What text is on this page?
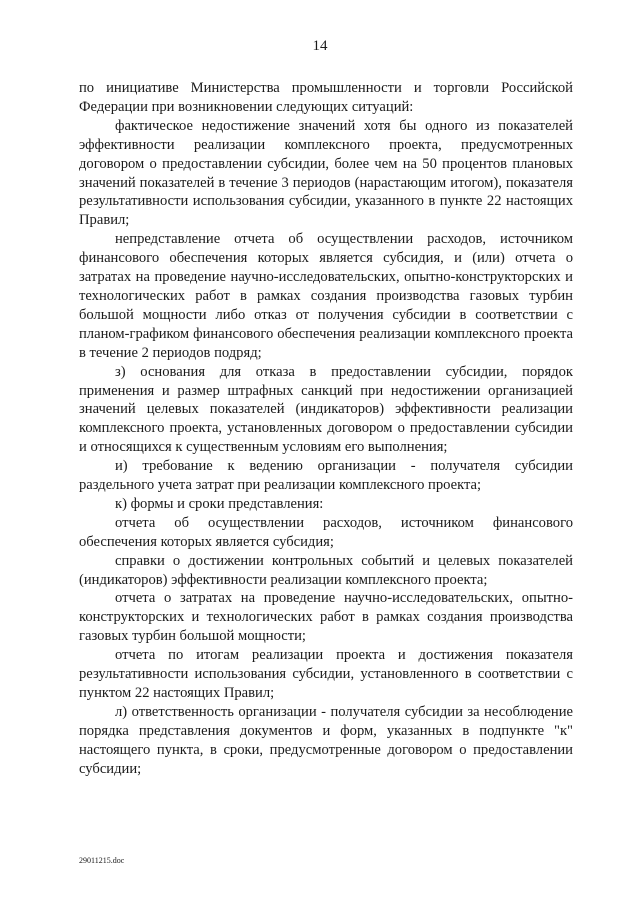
14

по инициативе Министерства промышленности и торговли Российской Федерации при возникновении следующих ситуаций:

фактическое недостижение значений хотя бы одного из показателей эффективности реализации комплексного проекта, предусмотренных договором о предоставлении субсидии, более чем на 50 процентов плановых значений показателей в течение 3 периодов (нарастающим итогом), показателя результативности использования субсидии, указанного в пункте 22 настоящих Правил;

непредставление отчета об осуществлении расходов, источником финансового обеспечения которых является субсидия, и (или) отчета о затратах на проведение научно-исследовательских, опытно-конструкторских и технологических работ в рамках создания производства газовых турбин большой мощности либо отказ от получения субсидии в соответствии с планом-графиком финансового обеспечения реализации комплексного проекта в течение 2 периодов подряд;

з) основания для отказа в предоставлении субсидии, порядок применения и размер штрафных санкций при недостижении организацией значений целевых показателей (индикаторов) эффективности реализации комплексного проекта, установленных договором о предоставлении субсидии и относящихся к существенным условиям его выполнения;

и) требование к ведению организации - получателя субсидии раздельного учета затрат при реализации комплексного проекта;

к) формы и сроки представления:

отчета об осуществлении расходов, источником финансового обеспечения которых является субсидия;

справки о достижении контрольных событий и целевых показателей (индикаторов) эффективности реализации комплексного проекта;

отчета о затратах на проведение научно-исследовательских, опытно-конструкторских и технологических работ в рамках создания производства газовых турбин большой мощности;

отчета по итогам реализации проекта и достижения показателя результативности использования субсидии, установленного в соответствии с пунктом 22 настоящих Правил;

л) ответственность организации - получателя субсидии за несоблюдение порядка представления документов и форм, указанных в подпункте "к" настоящего пункта, в сроки, предусмотренные договором о предоставлении субсидии;

29011215.doc
